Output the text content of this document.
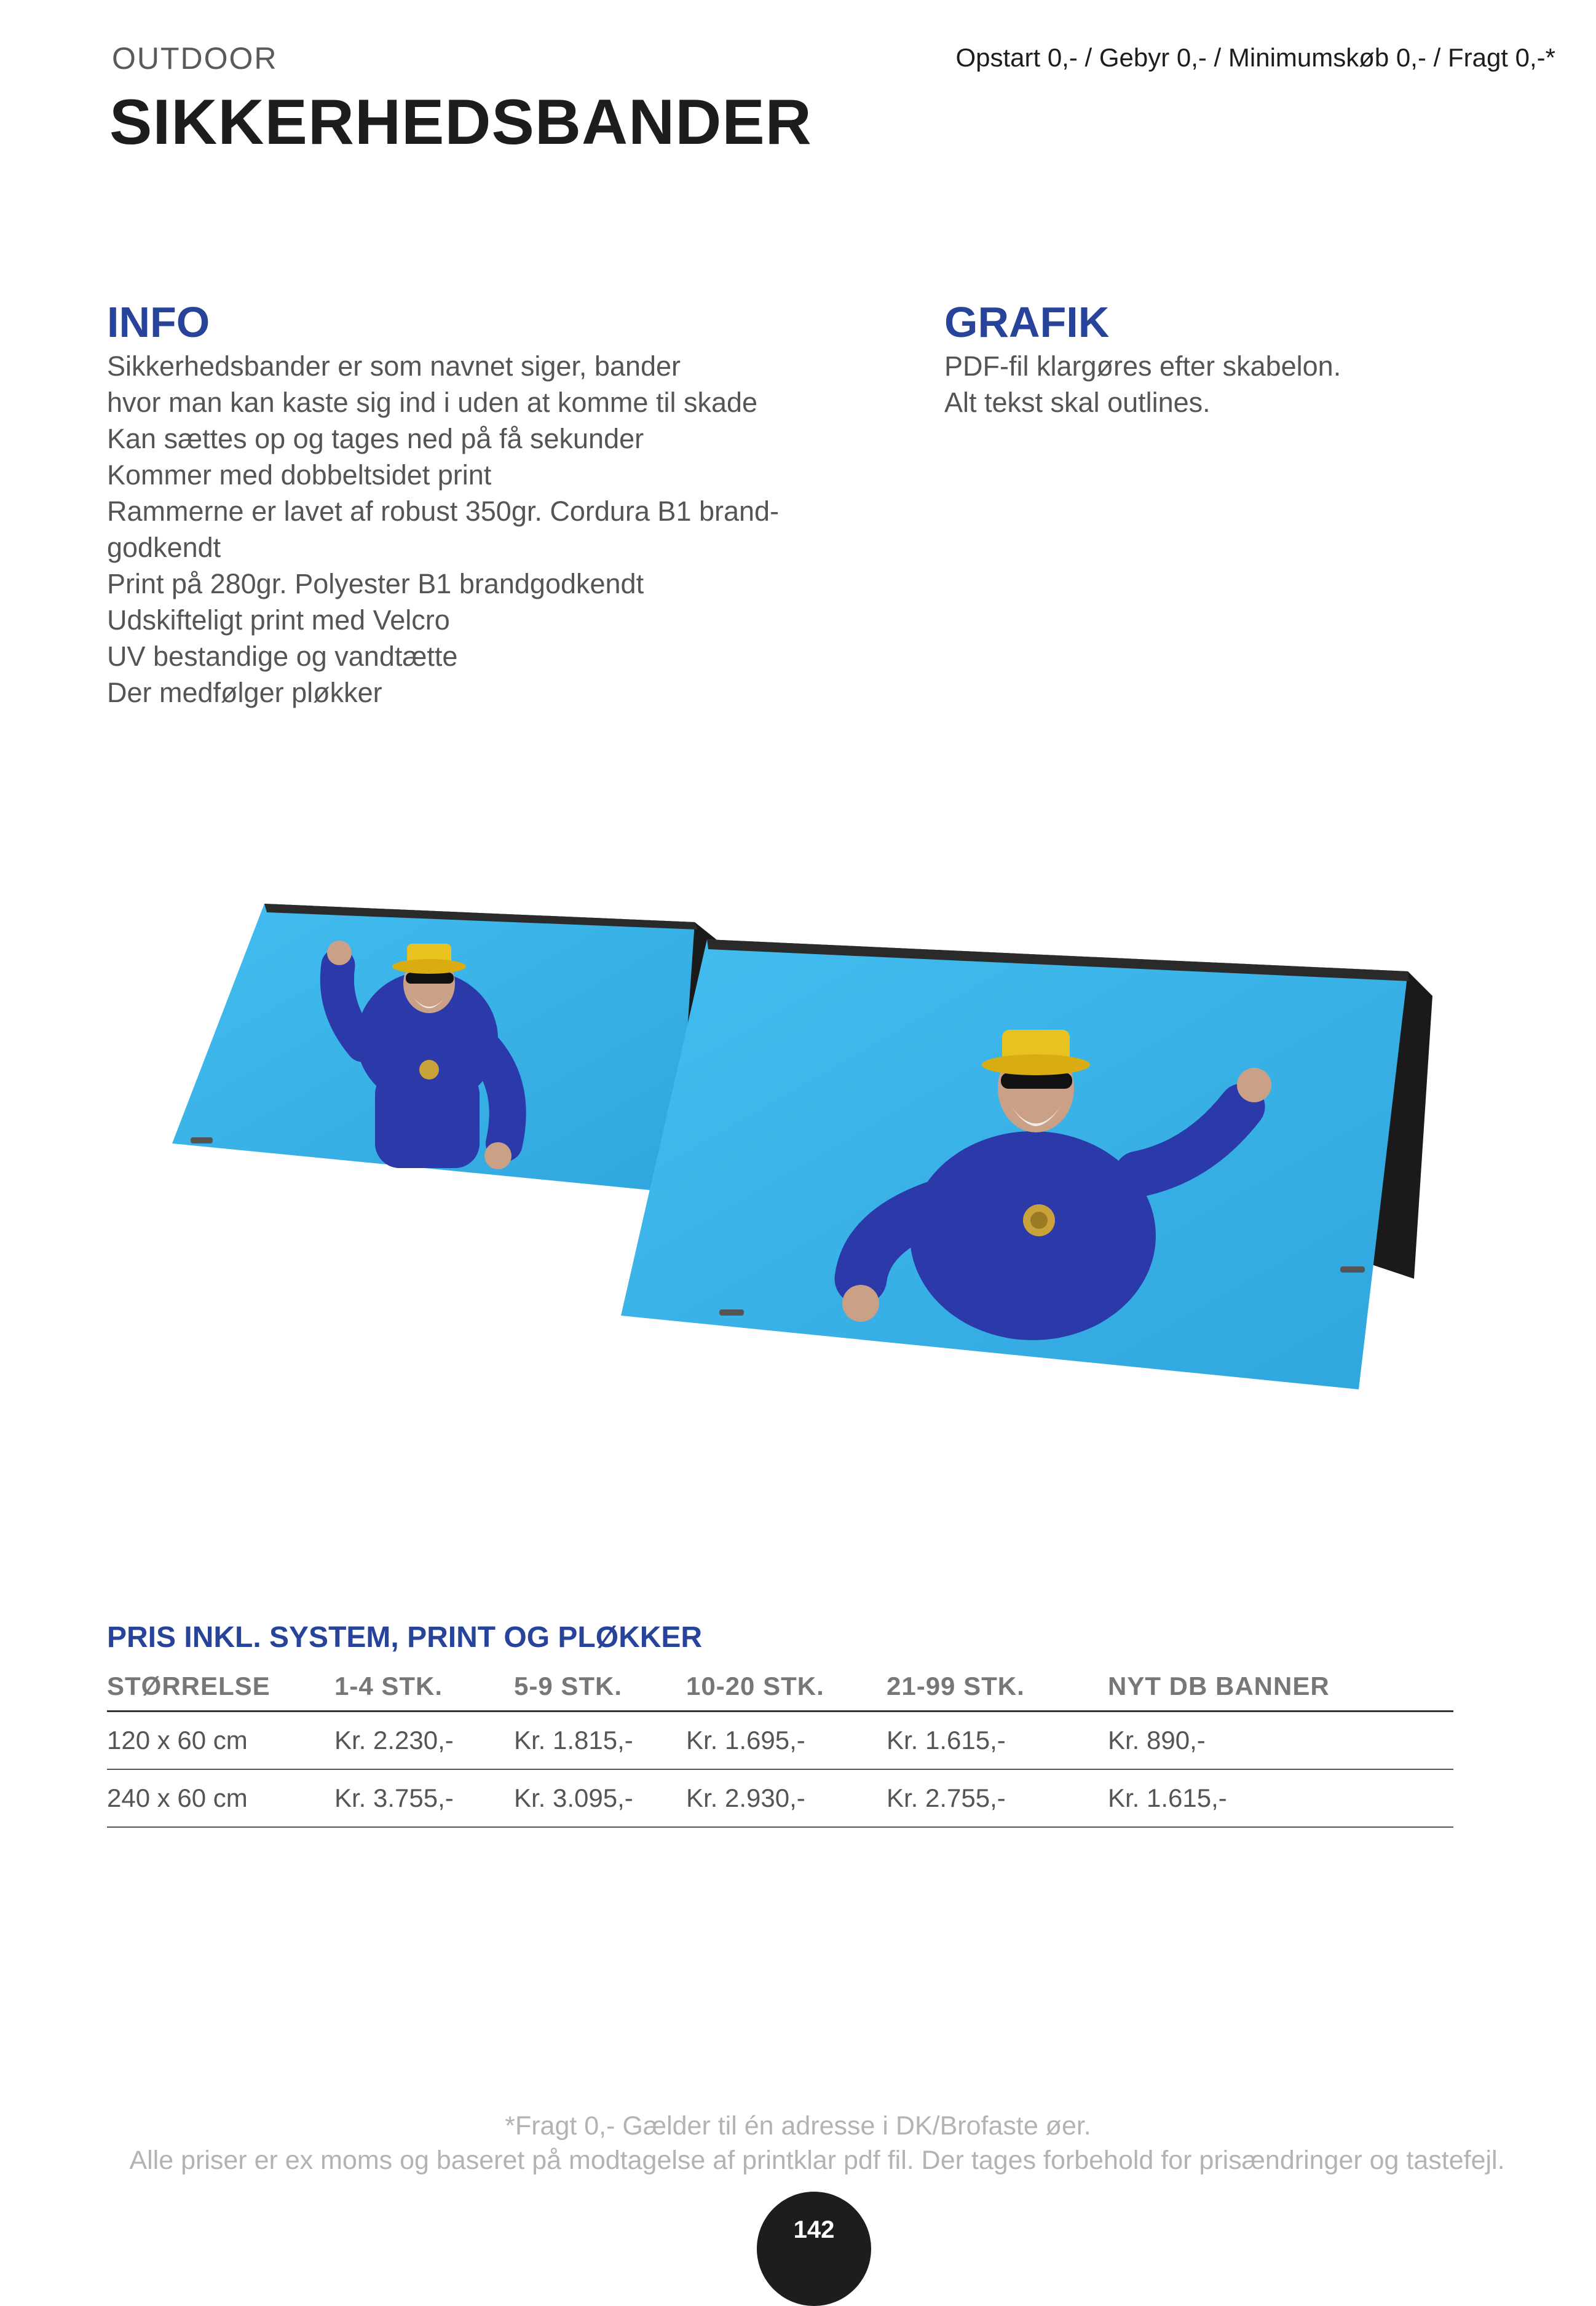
OUTDOOR
SIKKERHEDSBANDER
Opstart 0,- / Gebyr 0,- / Minimumskøb 0,- / Fragt 0,-*
INFO
Sikkerhedsbander er som navnet siger, bander
hvor man kan kaste sig ind i uden at komme til skade
Kan sættes op og tages ned på få sekunder
Kommer med dobbeltsidet print
Rammerne er lavet af robust 350gr. Cordura B1 brand-
godkendt
Print på 280gr. Polyester B1 brandgodkendt
Udskifteligt print med Velcro
UV bestandige og vandtætte
Der medfølger pløkker
GRAFIK
PDF-fil klargøres efter skabelon.
Alt tekst skal outlines.
PRIS INKL. SYSTEM, PRINT OG PLØKKER
STØRRELSE	1-4 STK.	5-9 STK.	10-20 STK.	21-99 STK.	NYT DB BANNER
120 x 60 cm	Kr. 2.230,-	Kr. 1.815,-	Kr. 1.695,-	Kr. 1.615,-	Kr. 890,-
240 x 60 cm	Kr. 3.755,-	Kr. 3.095,-	Kr. 2.930,-	Kr. 2.755,-	Kr. 1.615,-
*Fragt 0,- Gælder til én adresse i DK/Brofaste øer.
Alle priser er ex moms og baseret på modtagelse af printklar pdf fil. Der tages forbehold for prisændringer og tastefejl.
142
